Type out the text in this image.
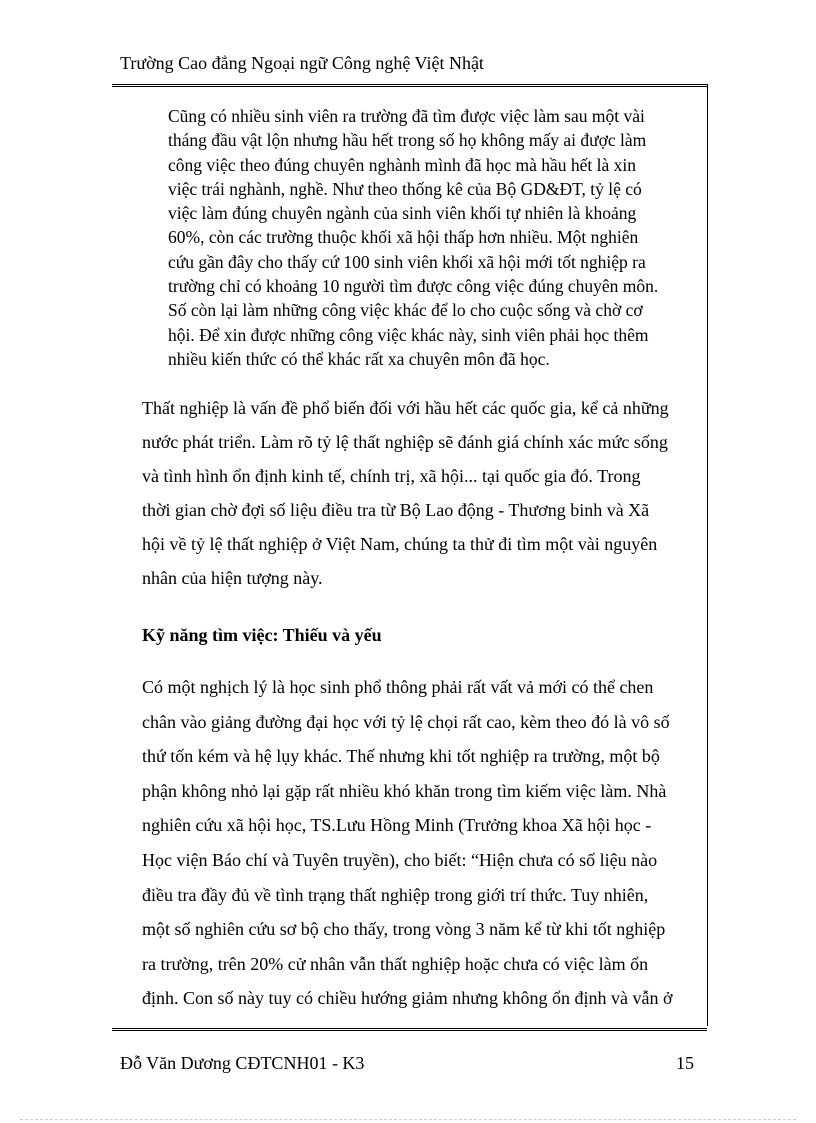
Trường Cao đẳng Ngoại ngữ Công nghệ Việt Nhật
Cũng có nhiều sinh viên ra trường đã tìm được việc làm sau một vài
tháng đầu vật lộn nhưng hầu hết trong số họ không mấy ai được làm
công việc theo đúng chuyên nghành mình đã học mà hầu hết là xin
việc trái nghành, nghề. Như theo thống kê của Bộ GD&ĐT, tỷ lệ có
việc làm đúng chuyên ngành của sinh viên khối tự nhiên là khoảng
60%, còn các trường thuộc khối xã hội thấp hơn nhiều. Một nghiên
cứu gần đây cho thấy cứ 100 sinh viên khối xã hội mới tốt nghiệp ra
trường chỉ có khoảng 10 người tìm được công việc đúng chuyên môn.
Số còn lại làm những công việc khác để lo cho cuộc sống và chờ cơ
hội. Để xin được những công việc khác này, sinh viên phải học thêm
nhiều kiến thức có thể khác rất xa chuyên môn đã học.
Thất nghiệp là vấn đề phổ biến đối với hầu hết các quốc gia, kể cả những
nước phát triển. Làm rõ tỷ lệ thất nghiệp sẽ đánh giá chính xác mức sống
và tình hình ổn định kinh tế, chính trị, xã hội... tại quốc gia đó. Trong
thời gian chờ đợi số liệu điều tra từ Bộ Lao động - Thương binh và Xã
hội về tỷ lệ thất nghiệp ở Việt Nam, chúng ta thử đi tìm một vài nguyên
nhân của hiện tượng này.
Kỹ năng tìm việc: Thiếu và yếu
Có một nghịch lý là học sinh phổ thông phải rất vất vả mới có thể chen
chân vào giảng đường đại học với tỷ lệ chọi rất cao, kèm theo đó là vô số
thứ tốn kém và hệ lụy khác. Thế nhưng khi tốt nghiệp ra trường, một bộ
phận không nhỏ lại gặp rất nhiều khó khăn trong tìm kiếm việc làm. Nhà
nghiên cứu xã hội học, TS.Lưu Hồng Minh (Trưởng khoa Xã hội học -
Học viện Báo chí và Tuyên truyền), cho biết: “Hiện chưa có số liệu nào
điều tra đầy đủ về tình trạng thất nghiệp trong giới trí thức. Tuy nhiên,
một số nghiên cứu sơ bộ cho thấy, trong vòng 3 năm kể từ khi tốt nghiệp
ra trường, trên 20% cử nhân vẫn thất nghiệp hoặc chưa có việc làm ổn
định. Con số này tuy có chiều hướng giảm nhưng không ổn định và vẫn ở
Đỗ Văn Dương CĐTCNH01 - K3	15
